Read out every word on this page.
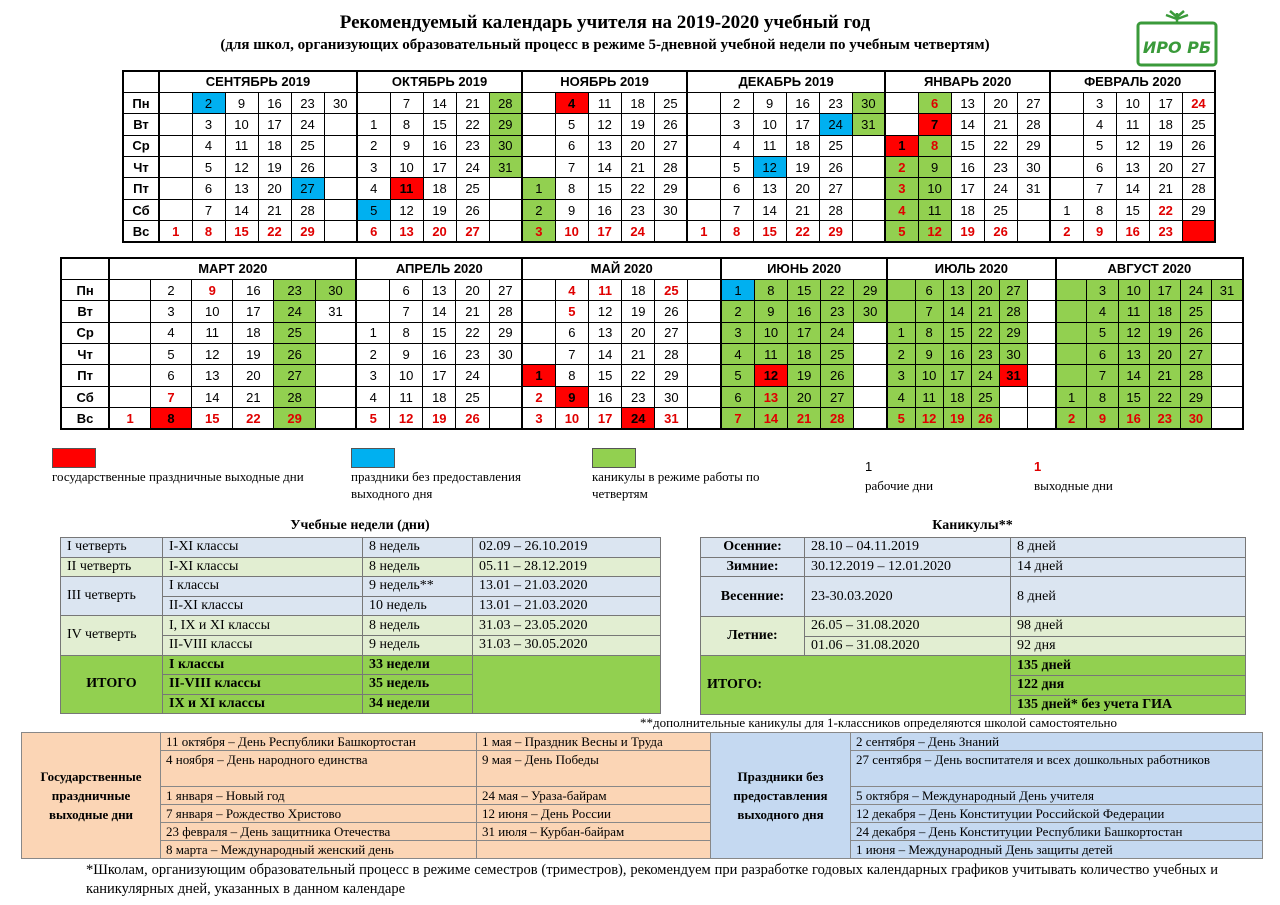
Рекомендуемый календарь учителя на 2019-2020 учебный год
(для школ, организующих образовательный процесс в режиме 5-дневной учебной недели по учебным четвертям)	ИРО РБ
	СЕНТЯБРЬ 2019						ОКТЯБРЬ 2019					НОЯБРЬ 2019					ДЕКАБРЬ 2019						ЯНВАРЬ 2020					ФЕВРАЛЬ 2020				
Пн		2	9	16	23	30		7	14	21	28		4	11	18	25		2	9	16	23	30		6	13	20	27		3	10	17	24
Вт		3	10	17	24		1	8	15	22	29		5	12	19	26		3	10	17	24	31		7	14	21	28		4	11	18	25
Ср		4	11	18	25		2	9	16	23	30		6	13	20	27		4	11	18	25		1	8	15	22	29		5	12	19	26
Чт		5	12	19	26		3	10	17	24	31		7	14	21	28		5	12	19	26		2	9	16	23	30		6	13	20	27
Пт		6	13	20	27		4	11	18	25		1	8	15	22	29		6	13	20	27		3	10	17	24	31		7	14	21	28
Сб		7	14	21	28		5	12	19	26		2	9	16	23	30		7	14	21	28		4	11	18	25		1	8	15	22	29
Вс	1	8	15	22	29		6	13	20	27		3	10	17	24		1	8	15	22	29		5	12	19	26		2	9	16	23	
	МАРТ 2020						АПРЕЛЬ 2020					МАЙ 2020						ИЮНЬ 2020					ИЮЛЬ 2020						АВГУСТ 2020					
Пн		2	9	16	23	30		6	13	20	27		4	11	18	25		1	8	15	22	29		6	13	20	27			3	10	17	24	31
Вт		3	10	17	24	31		7	14	21	28		5	12	19	26		2	9	16	23	30		7	14	21	28			4	11	18	25	
Ср		4	11	18	25		1	8	15	22	29		6	13	20	27		3	10	17	24		1	8	15	22	29			5	12	19	26	
Чт		5	12	19	26		2	9	16	23	30		7	14	21	28		4	11	18	25		2	9	16	23	30			6	13	20	27	
Пт		6	13	20	27		3	10	17	24		1	8	15	22	29		5	12	19	26		3	10	17	24	31			7	14	21	28	
Сб		7	14	21	28		4	11	18	25		2	9	16	23	30		6	13	20	27		4	11	18	25			1	8	15	22	29	
Вс	1	8	15	22	29		5	12	19	26		3	10	17	24	31		7	14	21	28		5	12	19	26			2	9	16	23	30	
государственные праздничные выходные дни	праздники без предоставления выходного дня
каникулы в режиме работы по четвертям
1
рабочие дни
1
выходные дни
Учебные недели (дни)
I четверть	I-XI классы	8 недель	02.09 – 26.10.2019
II четверть	I-XI классы	8 недель	05.11 – 28.12.2019
III четверть	I классы	9 недель**	13.01 – 21.03.2020
	II-XI классы	10 недель	13.01 – 21.03.2020
IV четверть	I, IX и XI классы	8 недель	31.03 – 23.05.2020
	II-VIII классы	9 недель	31.03 – 30.05.2020
ИТОГО	I классы	33 недели	
	II-VIII классы	35 недель	
	IX и XI классы	34 недели	
Каникулы**
Осенние:	28.10 – 04.11.2019	8 дней
Зимние:	30.12.2019 – 12.01.2020	14 дней
Весенние:	23-30.03.2020	8 дней
Летние:	26.05 – 31.08.2020	98 дней
	01.06 – 31.08.2020	92 дня
ИТОГО:		135 дней
		122 дня
		135 дней* без учета ГИА
**дополнительные каникулы для 1-классников определяются школой самостоятельно
Государственные праздничные выходные дни	11 октября – День Республики Башкортостан	1 мая – Праздник Весны и Труда	Праздники без предоставления выходного дня	2 сентября – День Знаний
	4 ноября – День народного единства	9 мая – День Победы		27 сентября – День воспитателя и всех дошкольных работников
	1 января – Новый год	24 мая – Ураза-байрам		5 октября – Международный День учителя
	7 января – Рождество Христово	12 июня – День России		12 декабря – День Конституции Российской Федерации
	23 февраля – День защитника Отечества	31 июля – Курбан-байрам		24 декабря – День Конституции Республики Башкортостан
	8 марта – Международный женский день			1 июня – Международный День защиты детей
*Школам, организующим образовательный процесс в режиме семестров (триместров), рекомендуем при разработке годовых календарных графиков учитывать количество учебных и каникулярных дней, указанных в данном календаре
